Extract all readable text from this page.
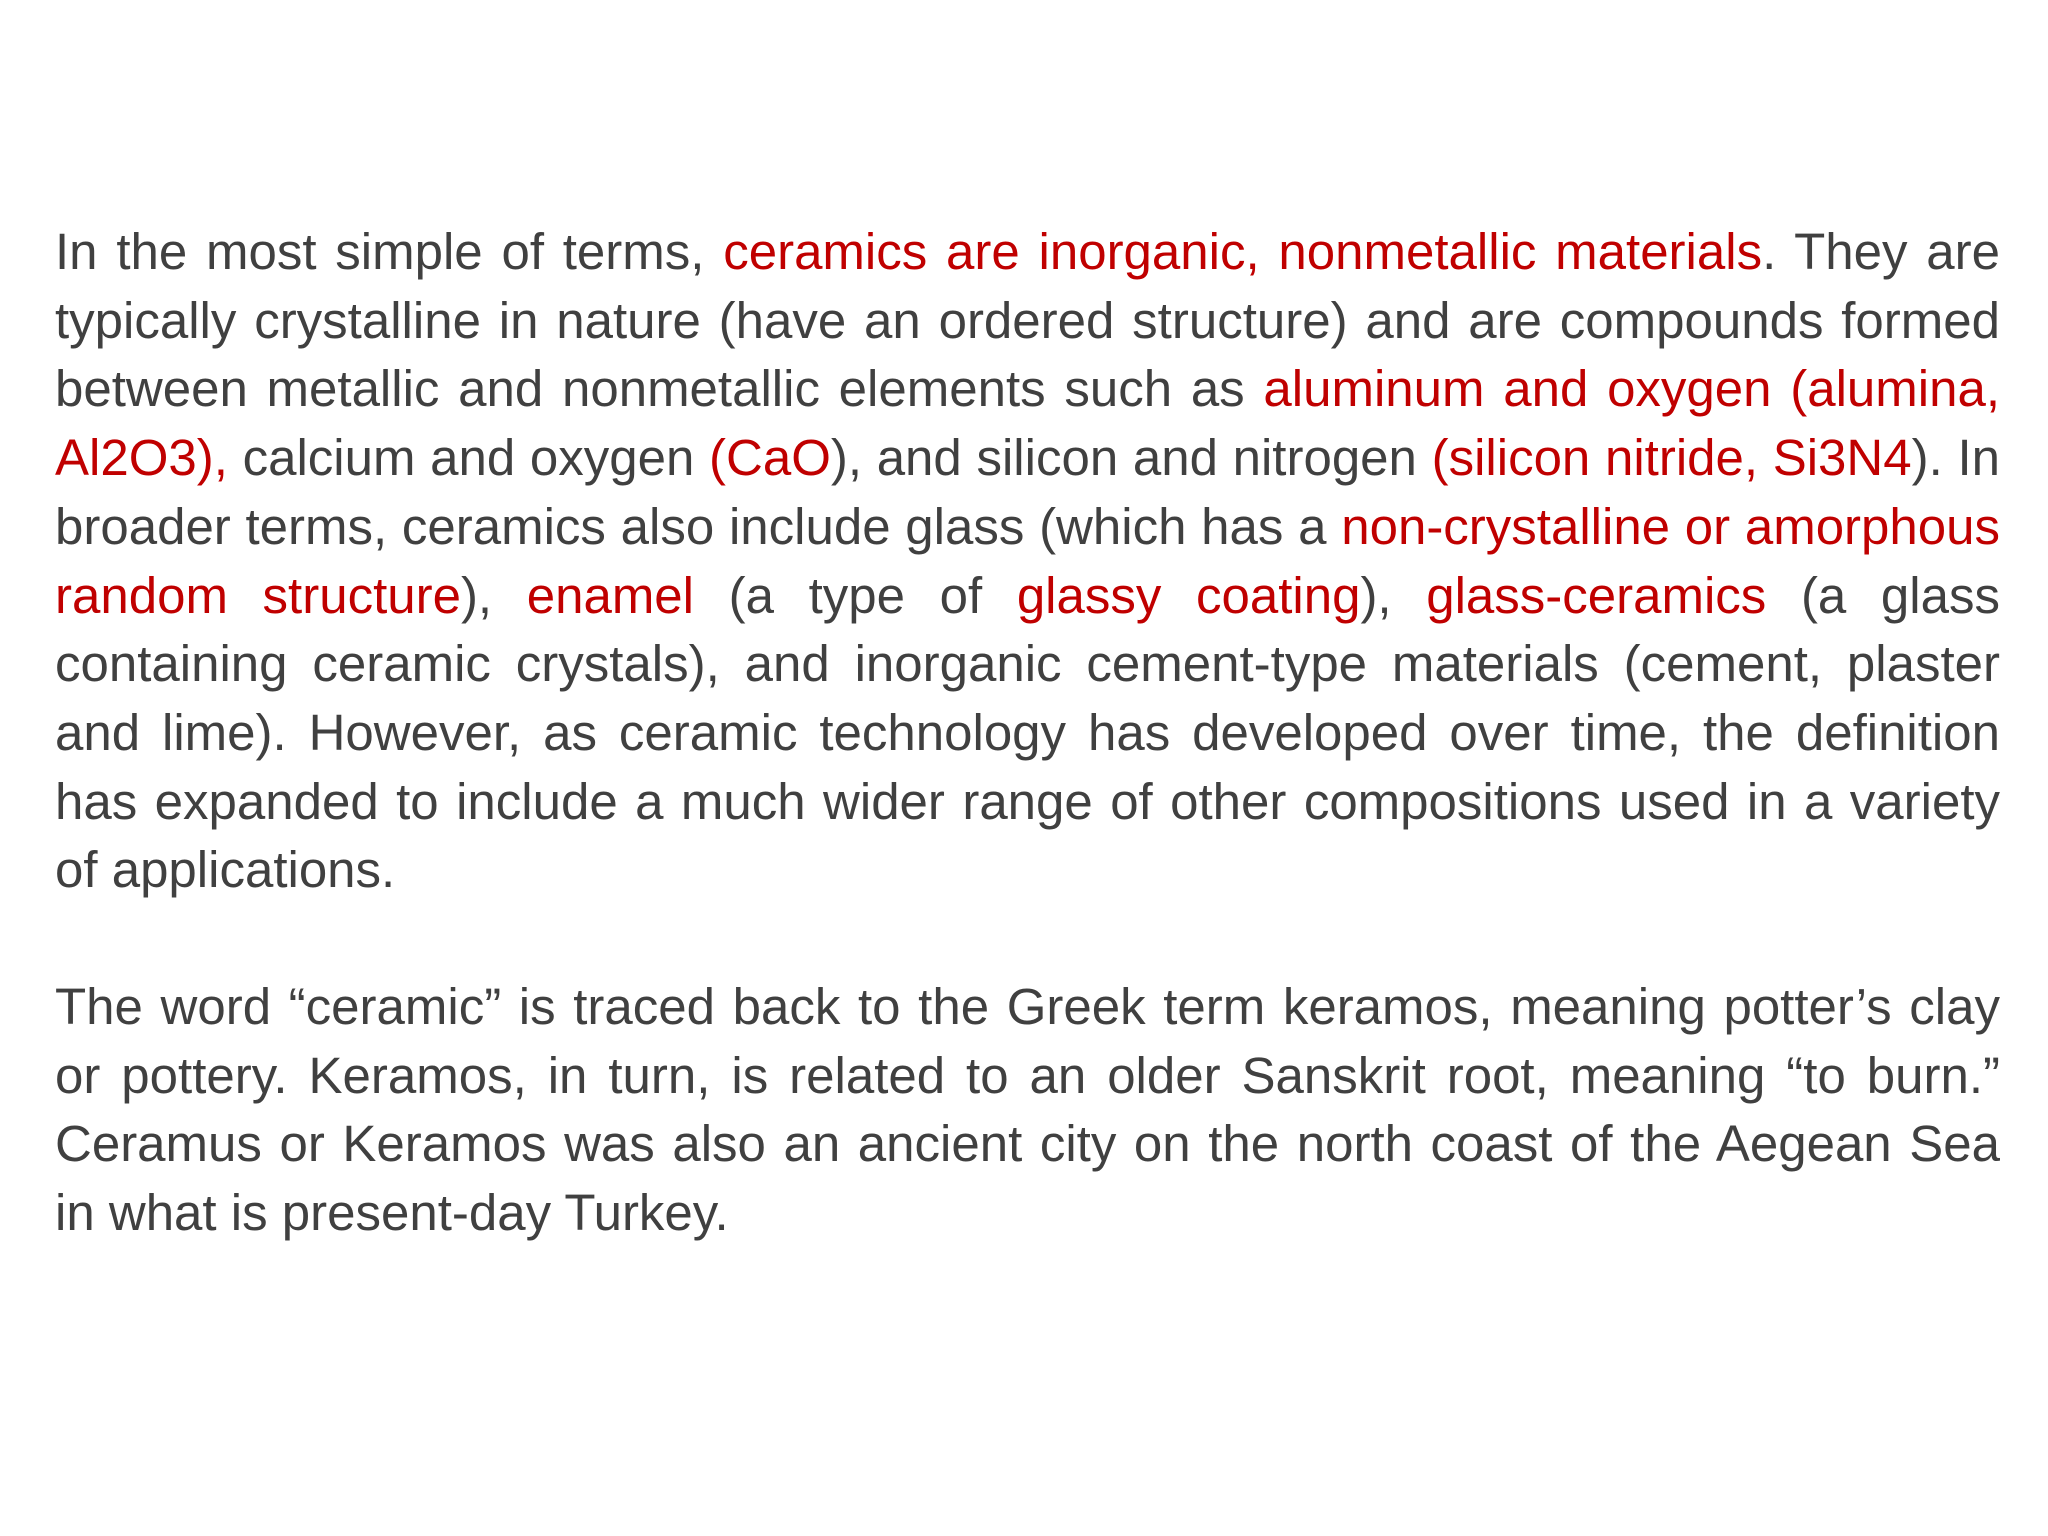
In the most simple of terms, ceramics are inorganic, nonmetallic materials. They are typically crystalline in nature (have an ordered structure) and are compounds formed between metallic and nonmetallic elements such as aluminum and oxygen (alumina, Al2O3), calcium and oxygen (CaO), and silicon and nitrogen (silicon nitride, Si3N4). In broader terms, ceramics also include glass (which has a non-crystalline or amorphous random structure), enamel (a type of glassy coating), glass-ceramics (a glass containing ceramic crystals), and inorganic cement-type materials (cement, plaster and lime). However, as ceramic technology has developed over time, the definition has expanded to include a much wider range of other compositions used in a variety of applications.

The word “ceramic” is traced back to the Greek term keramos, meaning potter’s clay or pottery. Keramos, in turn, is related to an older Sanskrit root, meaning “to burn.” Ceramus or Keramos was also an ancient city on the north coast of the Aegean Sea in what is present-day Turkey.
